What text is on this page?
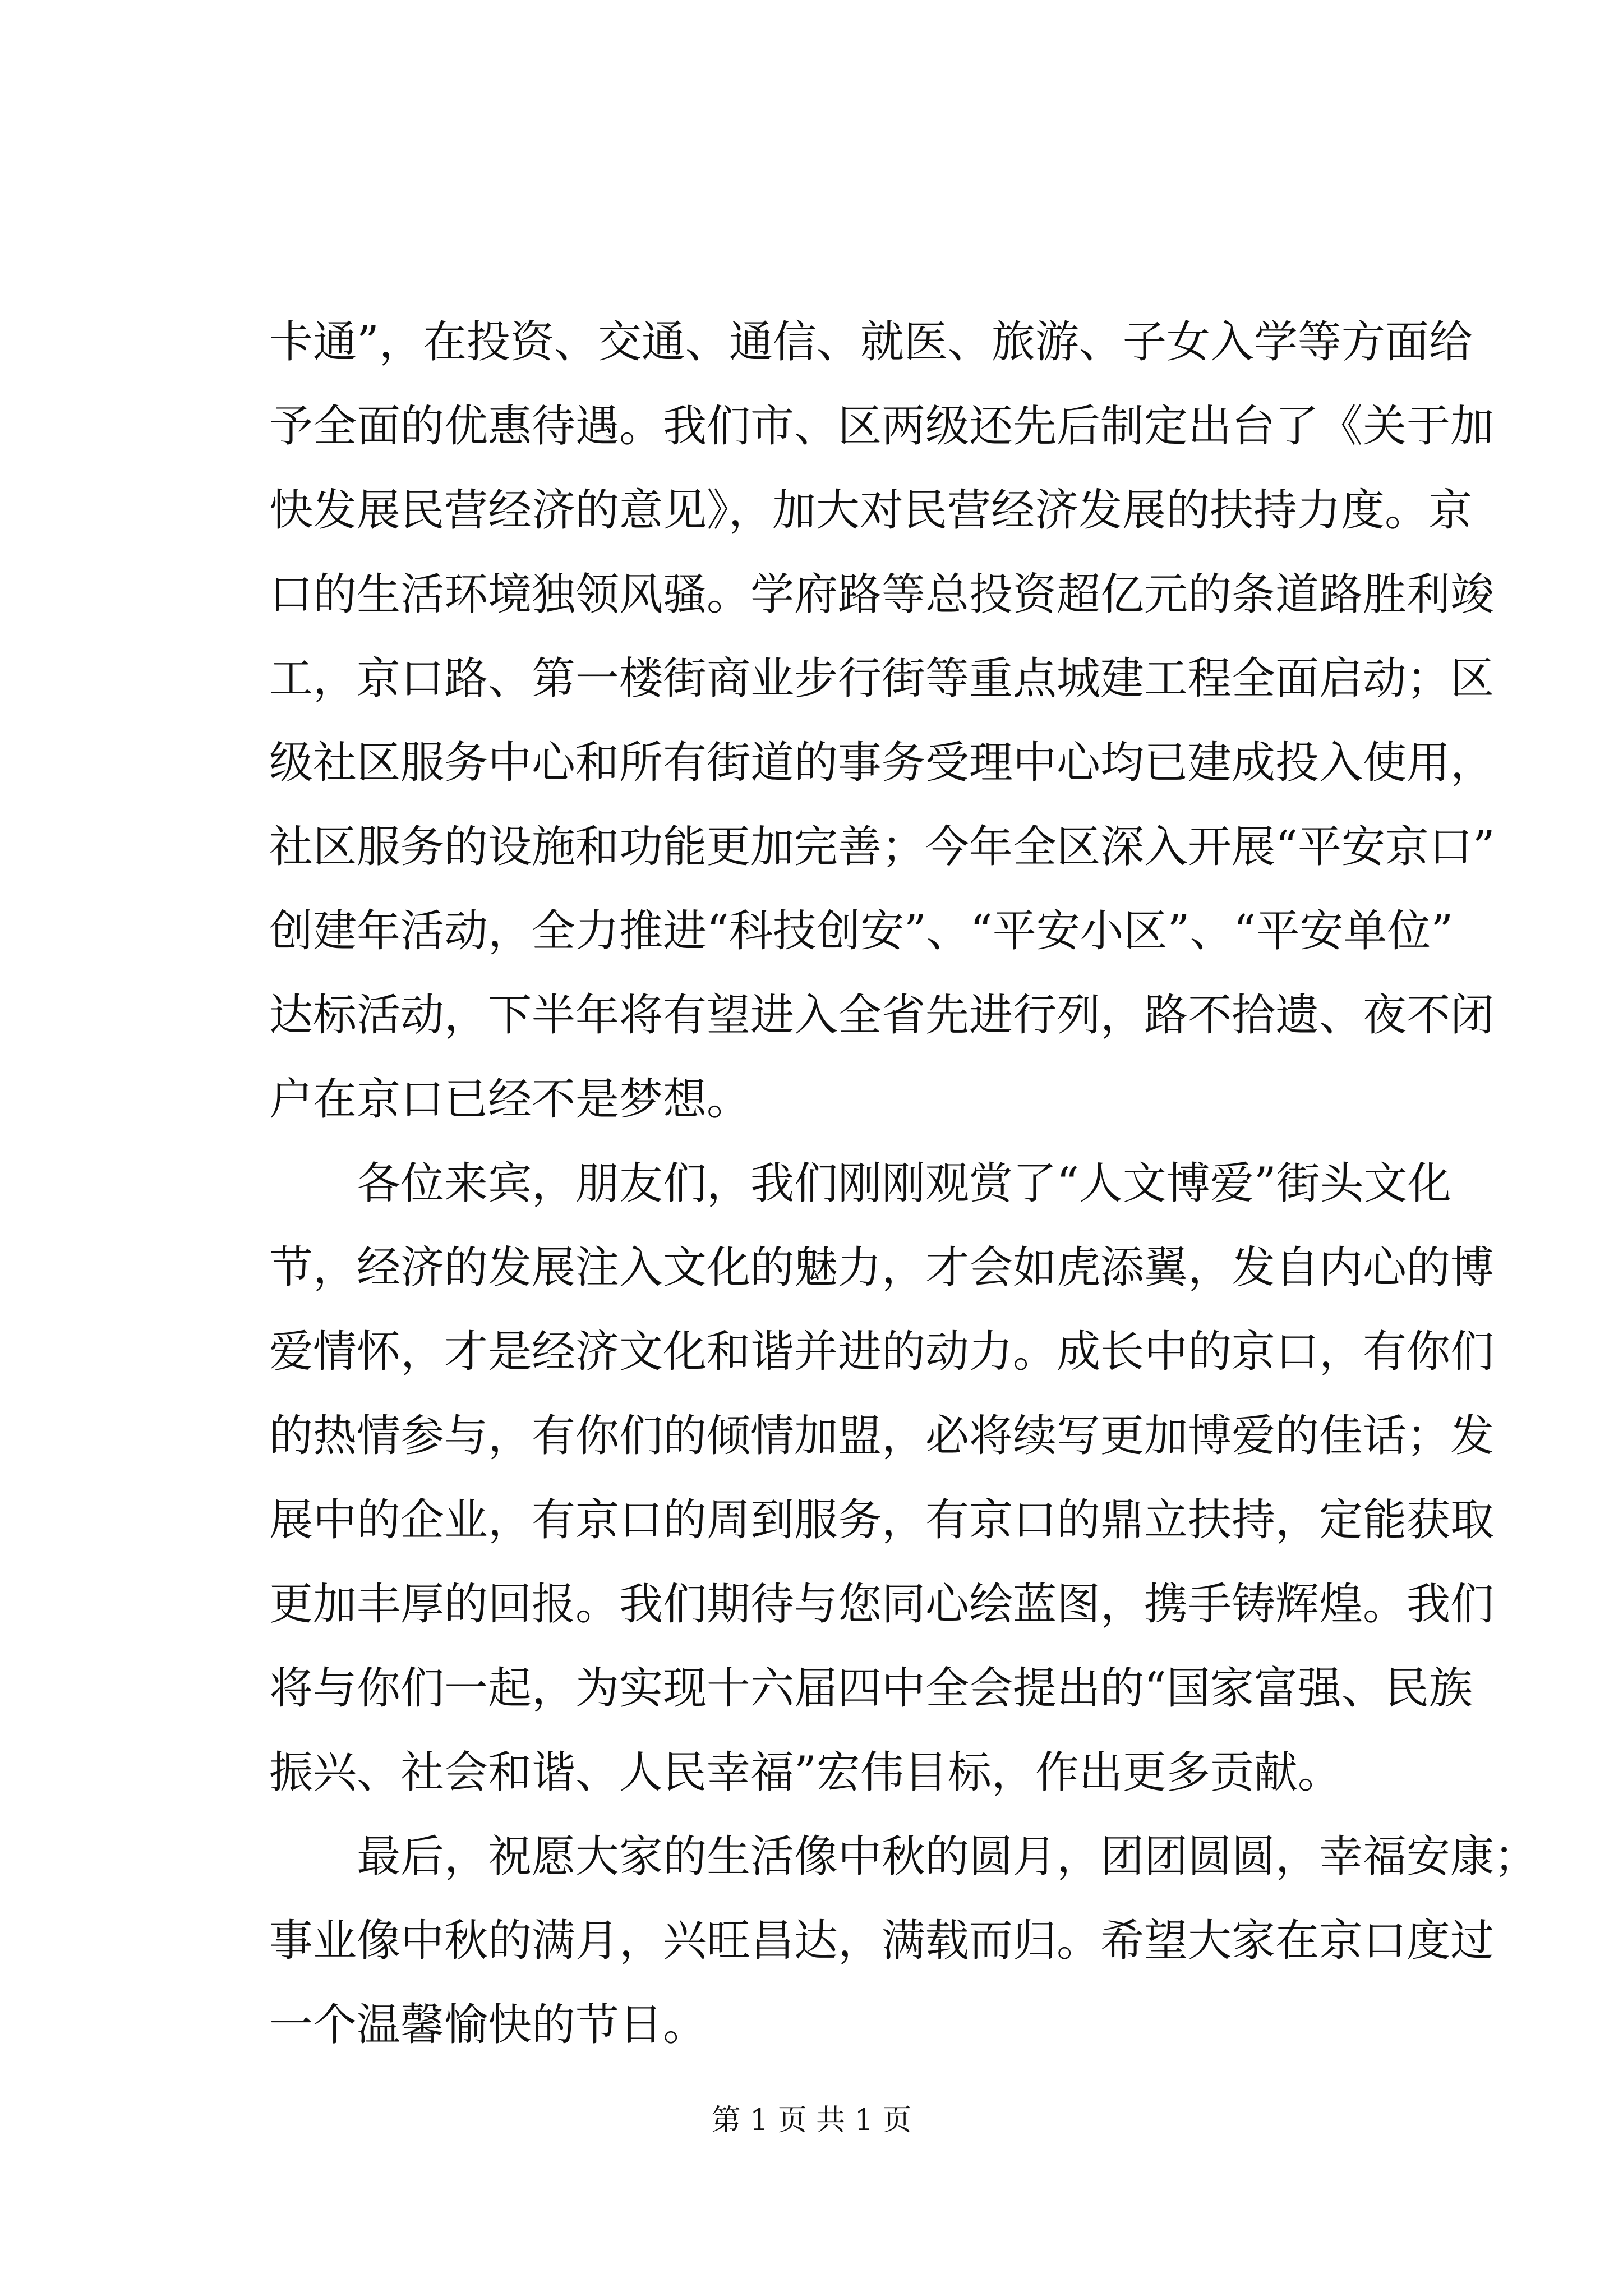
卡通”，在投资、交通、通信、就医、旅游、子女入学等方面给
予全面的优惠待遇。我们市、区两级还先后制定出台了《关于加
快发展民营经济的意见》，加大对民营经济发展的扶持力度。京
口的生活环境独领风骚。学府路等总投资超亿元的条道路胜利竣
工，京口路、第一楼街商业步行街等重点城建工程全面启动；区
级社区服务中心和所有街道的事务受理中心均已建成投入使用，
社区服务的设施和功能更加完善；今年全区深入开展“平安京口”
创建年活动，全力推进“科技创安”、“平安小区”、“平安单位”
达标活动，下半年将有望进入全省先进行列，路不拾遗、夜不闭
户在京口已经不是梦想。
各位来宾，朋友们，我们刚刚观赏了“人文博爱”街头文化
节，经济的发展注入文化的魅力，才会如虎添翼，发自内心的博
爱情怀，才是经济文化和谐并进的动力。成长中的京口，有你们
的热情参与，有你们的倾情加盟，必将续写更加博爱的佳话；发
展中的企业，有京口的周到服务，有京口的鼎立扶持，定能获取
更加丰厚的回报。我们期待与您同心绘蓝图，携手铸辉煌。我们
将与你们一起，为实现十六届四中全会提出的“国家富强、民族
振兴、社会和谐、人民幸福”宏伟目标，作出更多贡献。
最后，祝愿大家的生活像中秋的圆月，团团圆圆，幸福安康；
事业像中秋的满月，兴旺昌达，满载而归。希望大家在京口度过
一个温馨愉快的节日。
第 1 页 共 1 页
